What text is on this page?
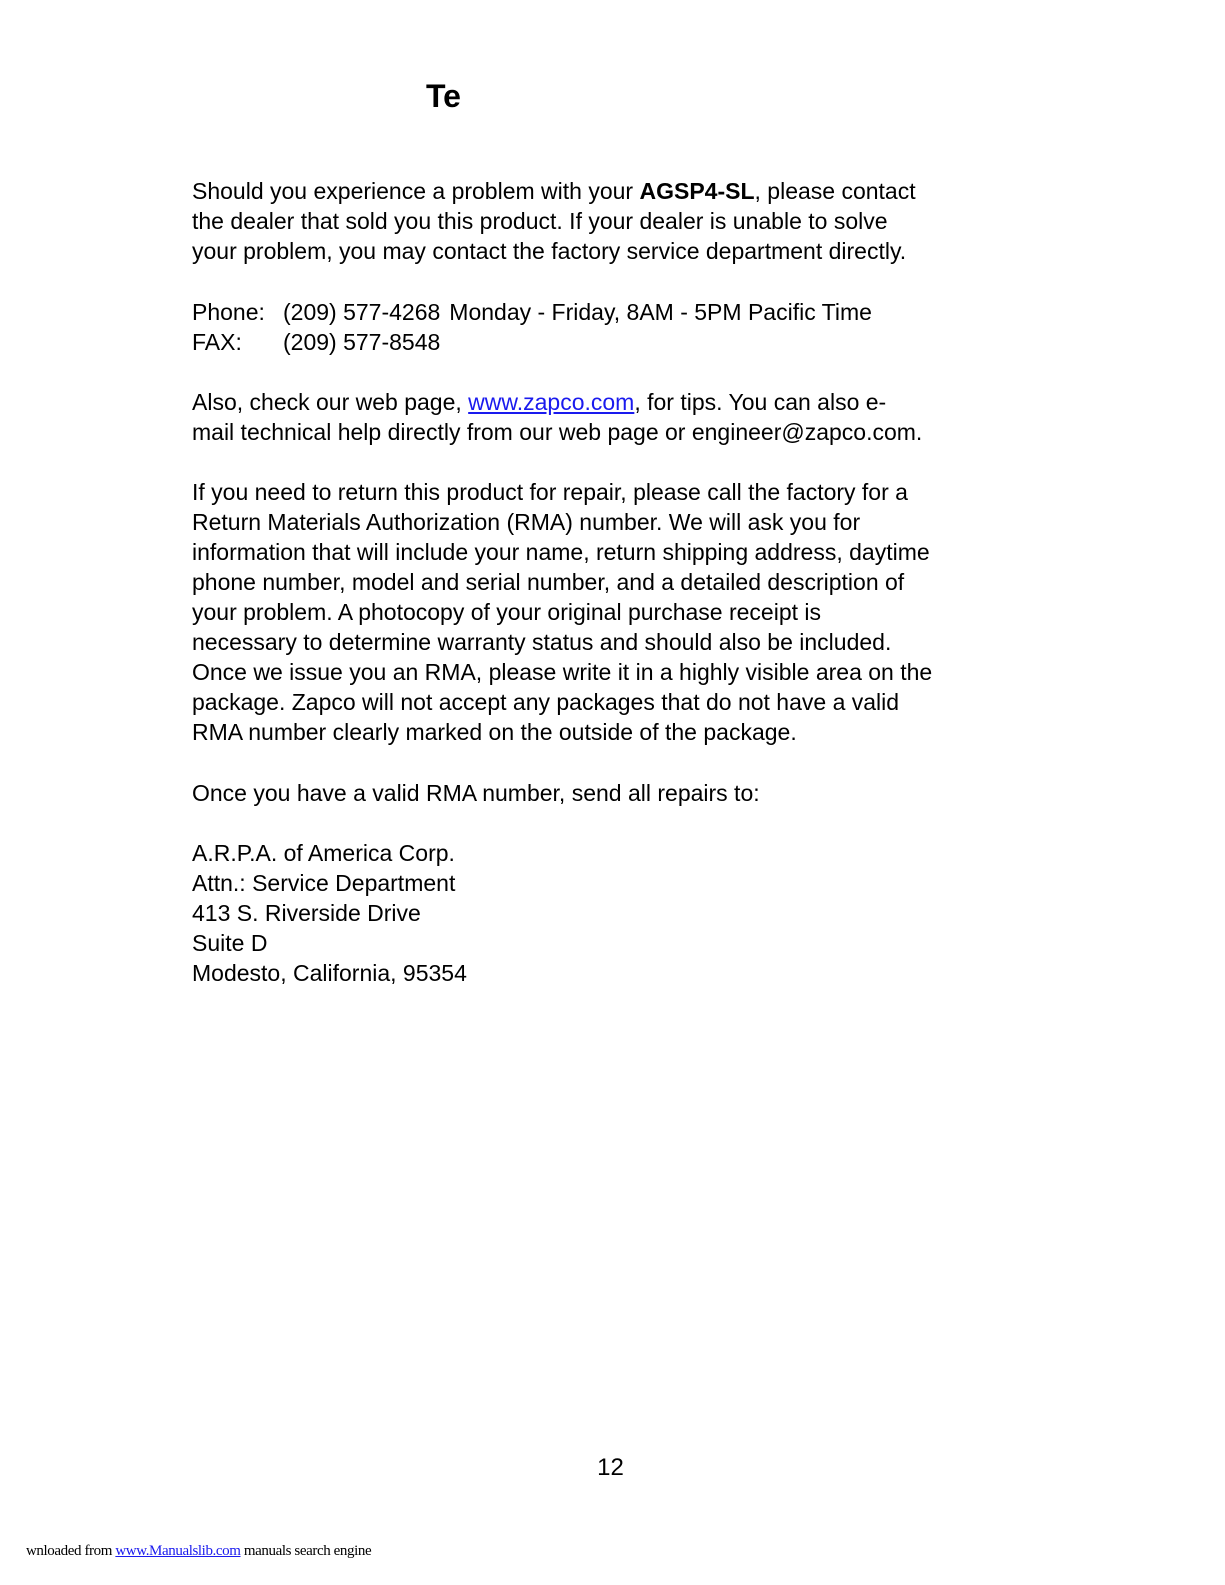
Te
Should you experience a problem with your AGSP4-SL, please contact
the dealer that sold you this product. If your dealer is unable to solve
your problem, you may contact the factory service department directly.
Phone: (209) 577-4268 Monday - Friday, 8AM - 5PM Pacific Time
FAX: (209) 577-8548
Also, check our web page, www.zapco.com, for tips. You can also e-
mail technical help directly from our web page or engineer@zapco.com.
If you need to return this product for repair, please call the factory for a
Return Materials Authorization (RMA) number. We will ask you for
information that will include your name, return shipping address, daytime
phone number, model and serial number, and a detailed description of
your problem. A photocopy of your original purchase receipt is
necessary to determine warranty status and should also be included.
Once we issue you an RMA, please write it in a highly visible area on the
package. Zapco will not accept any packages that do not have a valid
RMA number clearly marked on the outside of the package.
Once you have a valid RMA number, send all repairs to:
A.R.P.A. of America Corp.
Attn.: Service Department
413 S. Riverside Drive
Suite D
Modesto, California, 95354
12
wnloaded from www.Manualslib.com manuals search engine
